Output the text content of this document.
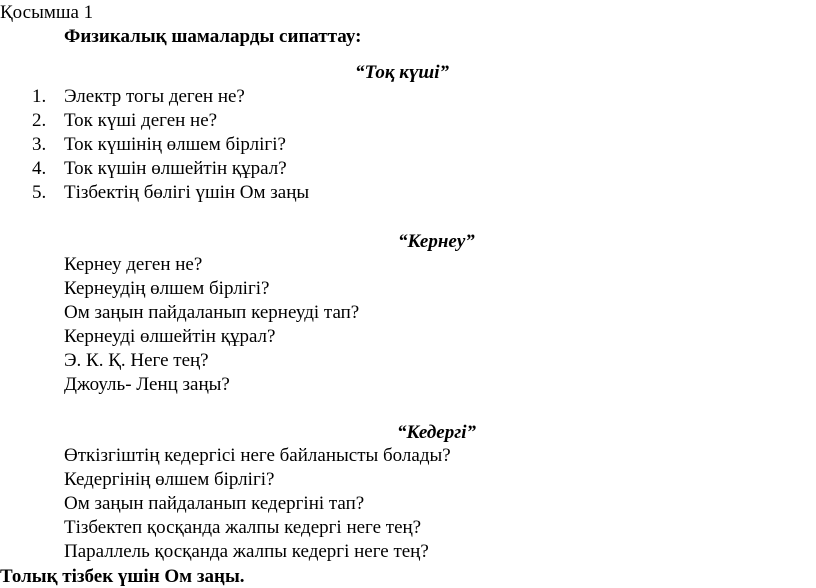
Қосымша 1
Физикалық шамаларды сипаттау:
“Тоқ күші”
1. Электр тогы деген не?
2. Ток күші деген не?
3. Ток күшінің өлшем бірлігі?
4. Ток күшін өлшейтін құрал?
5. Тізбектің бөлігі үшін Ом заңы
“Кернеу”
Кернеу деген не?
Кернеудің өлшем бірлігі?
Ом заңын пайдаланып кернеуді тап?
Кернеуді өлшейтін құрал?
Э. К. Қ. Неге тең?
Джоуль- Ленц заңы?
“Кедергі”
Өткізгіштің кедергісі неге байланысты болады?
Кедергінің өлшем бірлігі?
Ом заңын пайдаланып кедергіні тап?
Тізбектеп қосқанда жалпы кедергі неге тең?
Параллель қосқанда жалпы кедергі неге тең?
Толық тізбек үшін Ом заңы.
